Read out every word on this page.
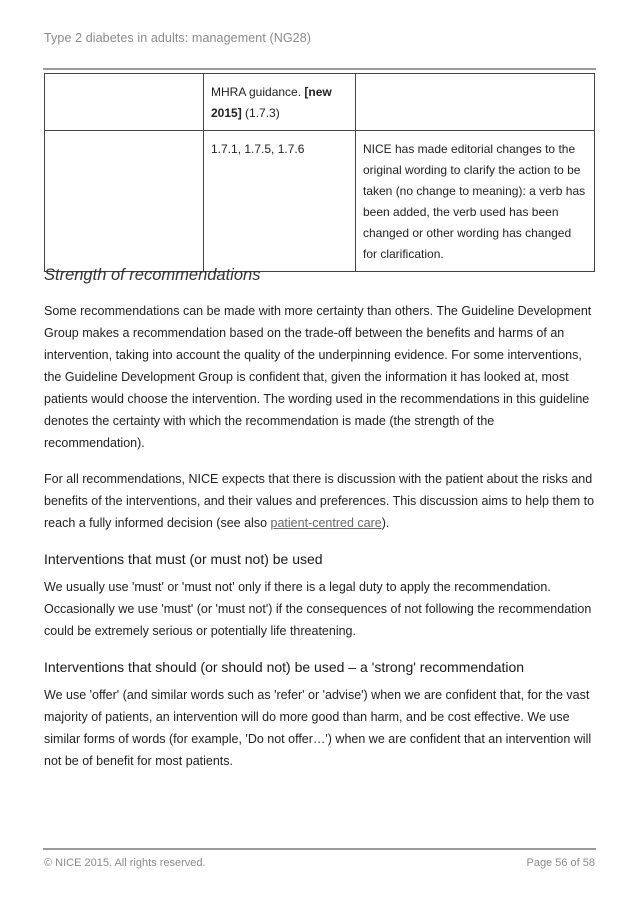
Type 2 diabetes in adults: management (NG28)
	MHRA guidance. [new 2015] (1.7.3)	
	1.7.1, 1.7.5, 1.7.6	NICE has made editorial changes to the original wording to clarify the action to be taken (no change to meaning): a verb has been added, the verb used has been changed or other wording has changed for clarification.
Strength of recommendations

Some recommendations can be made with more certainty than others. The Guideline Development Group makes a recommendation based on the trade-off between the benefits and harms of an intervention, taking into account the quality of the underpinning evidence. For some interventions, the Guideline Development Group is confident that, given the information it has looked at, most patients would choose the intervention. The wording used in the recommendations in this guideline denotes the certainty with which the recommendation is made (the strength of the recommendation).

For all recommendations, NICE expects that there is discussion with the patient about the risks and benefits of the interventions, and their values and preferences. This discussion aims to help them to reach a fully informed decision (see also patient-centred care).

Interventions that must (or must not) be used

We usually use 'must' or 'must not' only if there is a legal duty to apply the recommendation. Occasionally we use 'must' (or 'must not') if the consequences of not following the recommendation could be extremely serious or potentially life threatening.

Interventions that should (or should not) be used – a 'strong' recommendation

We use 'offer' (and similar words such as 'refer' or 'advise') when we are confident that, for the vast majority of patients, an intervention will do more good than harm, and be cost effective. We use similar forms of words (for example, 'Do not offer…') when we are confident that an intervention will not be of benefit for most patients.

© NICE 2015. All rights reserved.	Page 56 of 58
